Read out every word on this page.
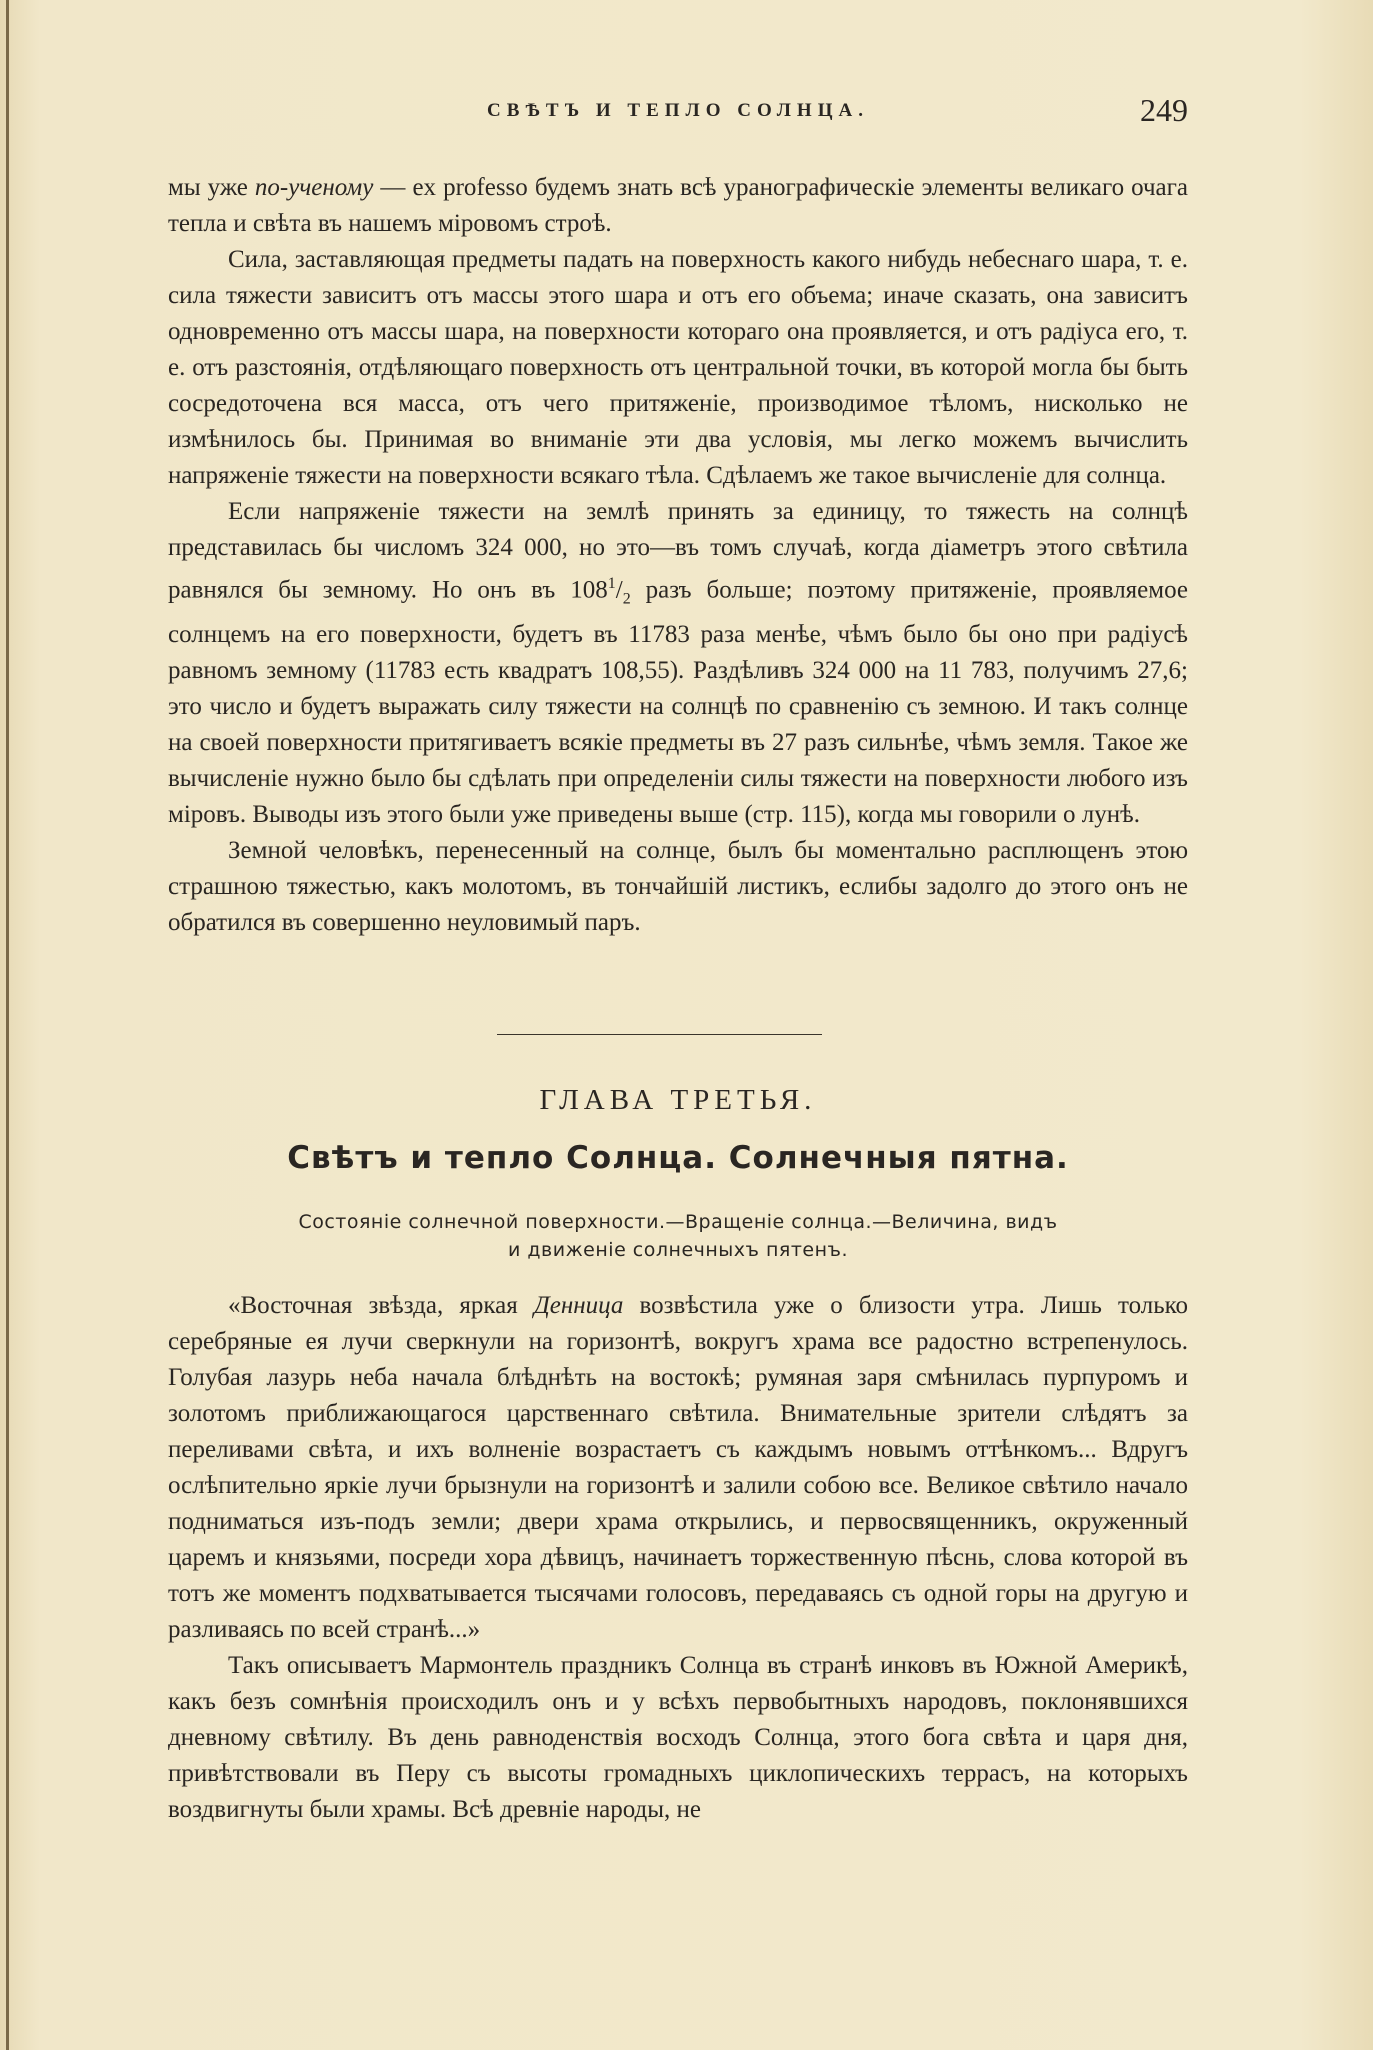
СВѢТЪ И ТЕПЛО СОЛНЦА.	249

мы уже по-ученому — ex professo будемъ знать всѣ уранографическіе элементы великаго очага тепла и свѣта въ нашемъ міровомъ строѣ.

Сила, заставляющая предметы падать на поверхность какого нибудь небеснаго шара, т. е. сила тяжести зависитъ отъ массы этого шара и отъ его объема; иначе сказать, она зависитъ одновременно отъ массы шара, на поверхности котораго она проявляется, и отъ радіуса его, т. е. отъ разстоянія, отдѣляющаго поверхность отъ центральной точки, въ которой могла бы быть сосредоточена вся масса, отъ чего притяженіе, производимое тѣломъ, нисколько не измѣнилось бы. Принимая во вниманіе эти два условія, мы легко можемъ вычислить напряженіе тяжести на поверхности всякаго тѣла. Сдѣлаемъ же такое вычисленіе для солнца.

Если напряженіе тяжести на землѣ принять за единицу, то тяжесть на солнцѣ представилась бы числомъ 324 000, но это—въ томъ случаѣ, когда діаметръ этого свѣтила равнялся бы земному. Но онъ въ $108^1/_2$ разъ больше; поэтому притяженіе, проявляемое солнцемъ на его поверхности, будетъ въ 11783 раза менѣе, чѣмъ было бы оно при радіусѣ равномъ земному (11783 есть квадратъ 108,55). Раздѣливъ 324 000 на 11 783, получимъ 27,6; это число и будетъ выражать силу тяжести на солнцѣ по сравненію съ земною. И такъ солнце на своей поверхности притягиваетъ всякіе предметы въ 27 разъ сильнѣе, чѣмъ земля. Такое же вычисленіе нужно было бы сдѣлать при определеніи силы тяжести на поверхности любого изъ міровъ. Выводы изъ этого были уже приведены выше (стр. 115), когда мы говорили о лунѣ.

Земной человѣкъ, перенесенный на солнце, былъ бы моментально расплющенъ этою страшною тяжестью, какъ молотомъ, въ тончайшій листикъ, еслибы задолго до этого онъ не обратился въ совершенно неуловимый паръ.

ГЛАВА ТРЕТЬЯ.
Свѣтъ и тепло Солнца. Солнечныя пятна.
Состояніе солнечной поверхности.—Вращеніе солнца.—Величина, видъ
и движеніе солнечныхъ пятенъ.

«Восточная звѣзда, яркая Денница возвѣстила уже о близости утра. Лишь только серебряные ея лучи сверкнули на горизонтѣ, вокругъ храма все радостно встрепенулось. Голубая лазурь неба начала блѣднѣть на востокѣ; румяная заря смѣнилась пурпуромъ и золотомъ приближающагося царственнаго свѣтила. Внимательные зрители слѣдятъ за переливами свѣта, и ихъ волненіе возрастаетъ съ каждымъ новымъ оттѣнкомъ... Вдругъ ослѣпительно яркіе лучи брызнули на горизонтѣ и залили собою все. Великое свѣтило начало подниматься изъ-подъ земли; двери храма открылись, и первосвященникъ, окруженный царемъ и князьями, посреди хора дѣвицъ, начинаетъ торжественную пѣснь, слова которой въ тотъ же моментъ подхватывается тысячами голосовъ, передаваясь съ одной горы на другую и разливаясь по всей странѣ...»

Такъ описываетъ Мармонтель праздникъ Солнца въ странѣ инковъ въ Южной Америкѣ, какъ безъ сомнѣнія происходилъ онъ и у всѣхъ первобытныхъ народовъ, поклонявшихся дневному свѣтилу. Въ день равноденствія восходъ Солнца, этого бога свѣта и царя дня, привѣтствовали въ Перу съ высоты громадныхъ циклопическихъ террасъ, на которыхъ воздвигнуты были храмы. Всѣ древніе народы, не
